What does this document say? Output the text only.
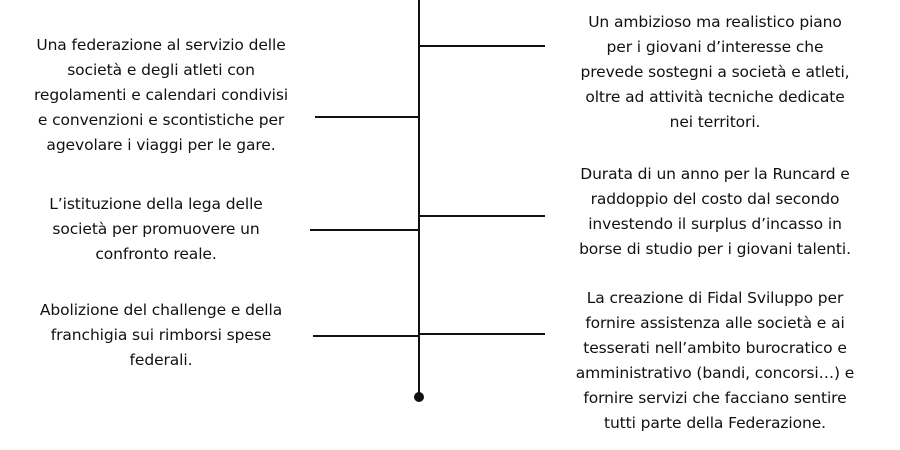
Una federazione al servizio delle
società e degli atleti con
regolamenti e calendari condivisi
e convenzioni e scontistiche per
agevolare i viaggi per le gare.
L’istituzione della lega delle
società per promuovere un
confronto reale.
Abolizione del challenge e della
franchigia sui rimborsi spese
federali.
Un ambizioso ma realistico piano
per i giovani d’interesse che
prevede sostegni a società e atleti,
oltre ad attività tecniche dedicate
nei territori.
Durata di un anno per la Runcard e
raddoppio del costo dal secondo
investendo il surplus d’incasso in
borse di studio per i giovani talenti.
La creazione di Fidal Sviluppo per
fornire assistenza alle società e ai
tesserati nell’ambito burocratico e
amministrativo (bandi, concorsi…) e
fornire servizi che facciano sentire
tutti parte della Federazione.
